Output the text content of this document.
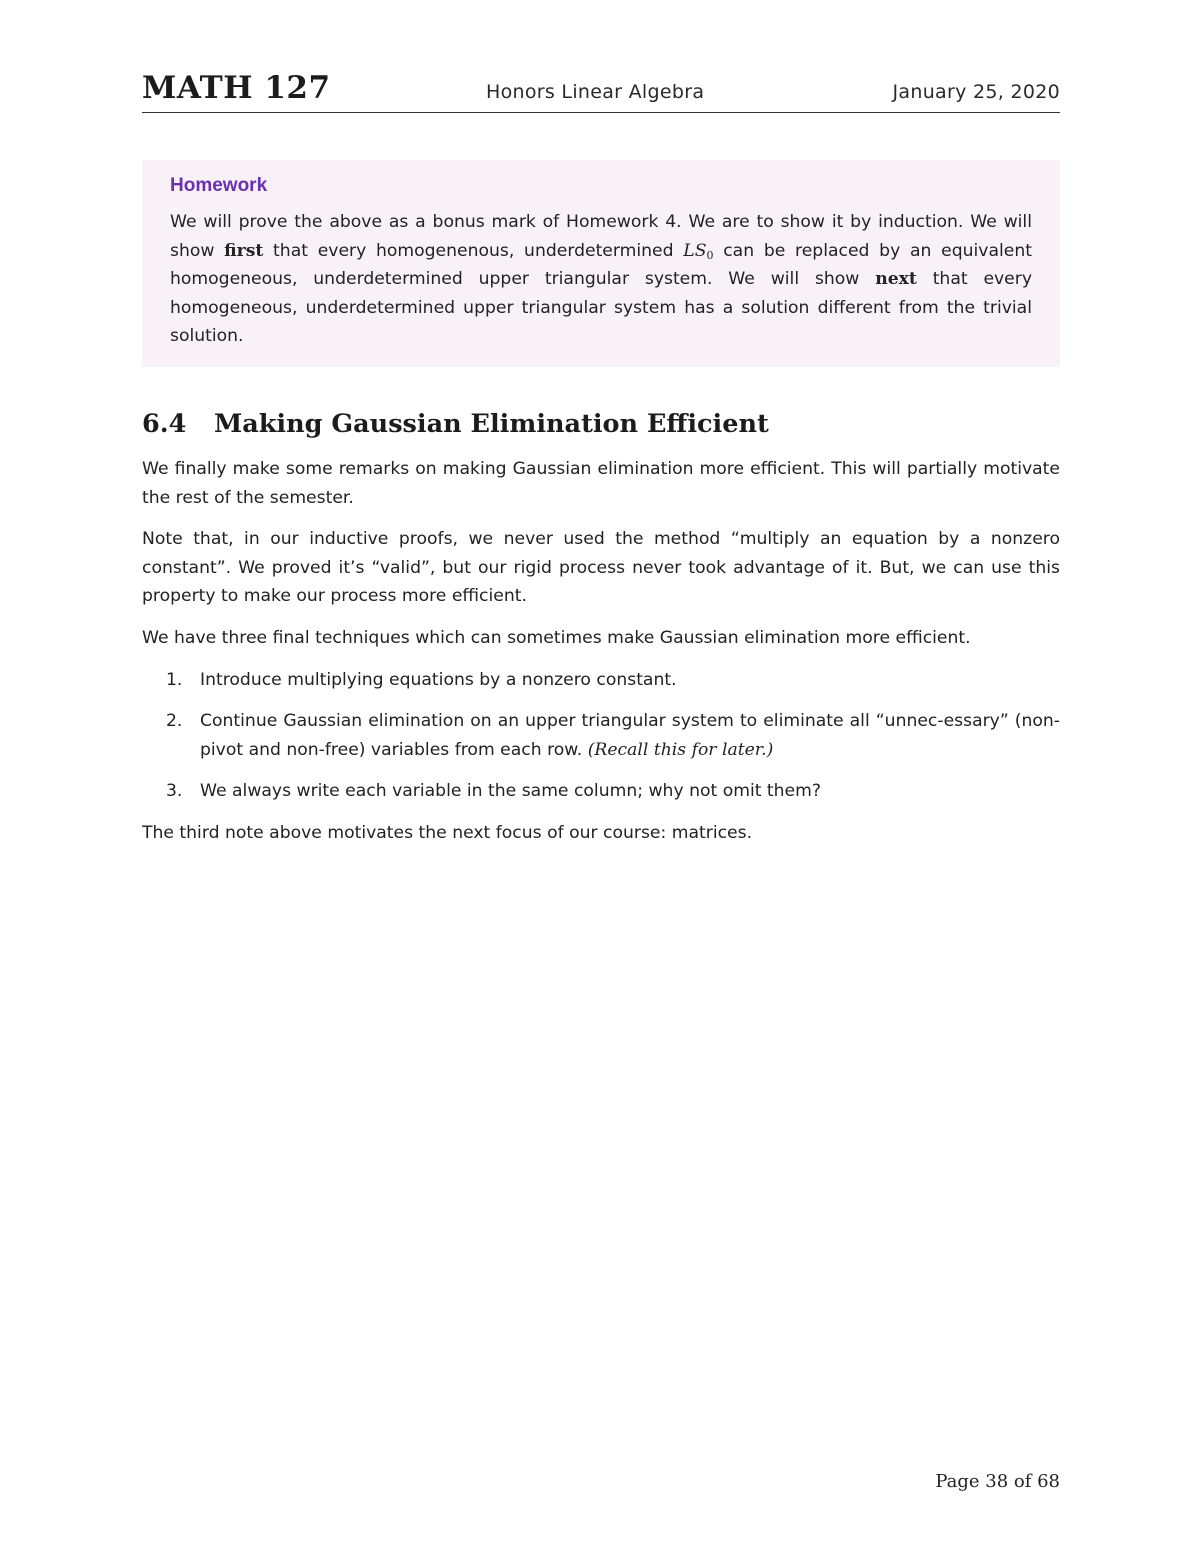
MATH 127	Honors Linear Algebra	January 25, 2020
Homework
We will prove the above as a bonus mark of Homework 4. We are to show it by induction. We will show first that every homogenenous, underdetermined $LS_0$ can be replaced by an equivalent homogeneous, underdetermined upper triangular system. We will show next that every homogeneous, underdetermined upper triangular system has a solution different from the trivial solution.
6.4 Making Gaussian Elimination Efficient

We finally make some remarks on making Gaussian elimination more efficient. This will partially motivate the rest of the semester.

Note that, in our inductive proofs, we never used the method “multiply an equation by a nonzero constant”. We proved it’s “valid”, but our rigid process never took advantage of it. But, we can use this property to make our process more efficient.

We have three final techniques which can sometimes make Gaussian elimination more efficient.

1. Introduce multiplying equations by a nonzero constant.
2. Continue Gaussian elimination on an upper triangular system to eliminate all “unnec-essary” (non-pivot and non-free) variables from each row. (Recall this for later.)
3. We always write each variable in the same column; why not omit them?

The third note above motivates the next focus of our course: matrices.

Page 38 of 68
